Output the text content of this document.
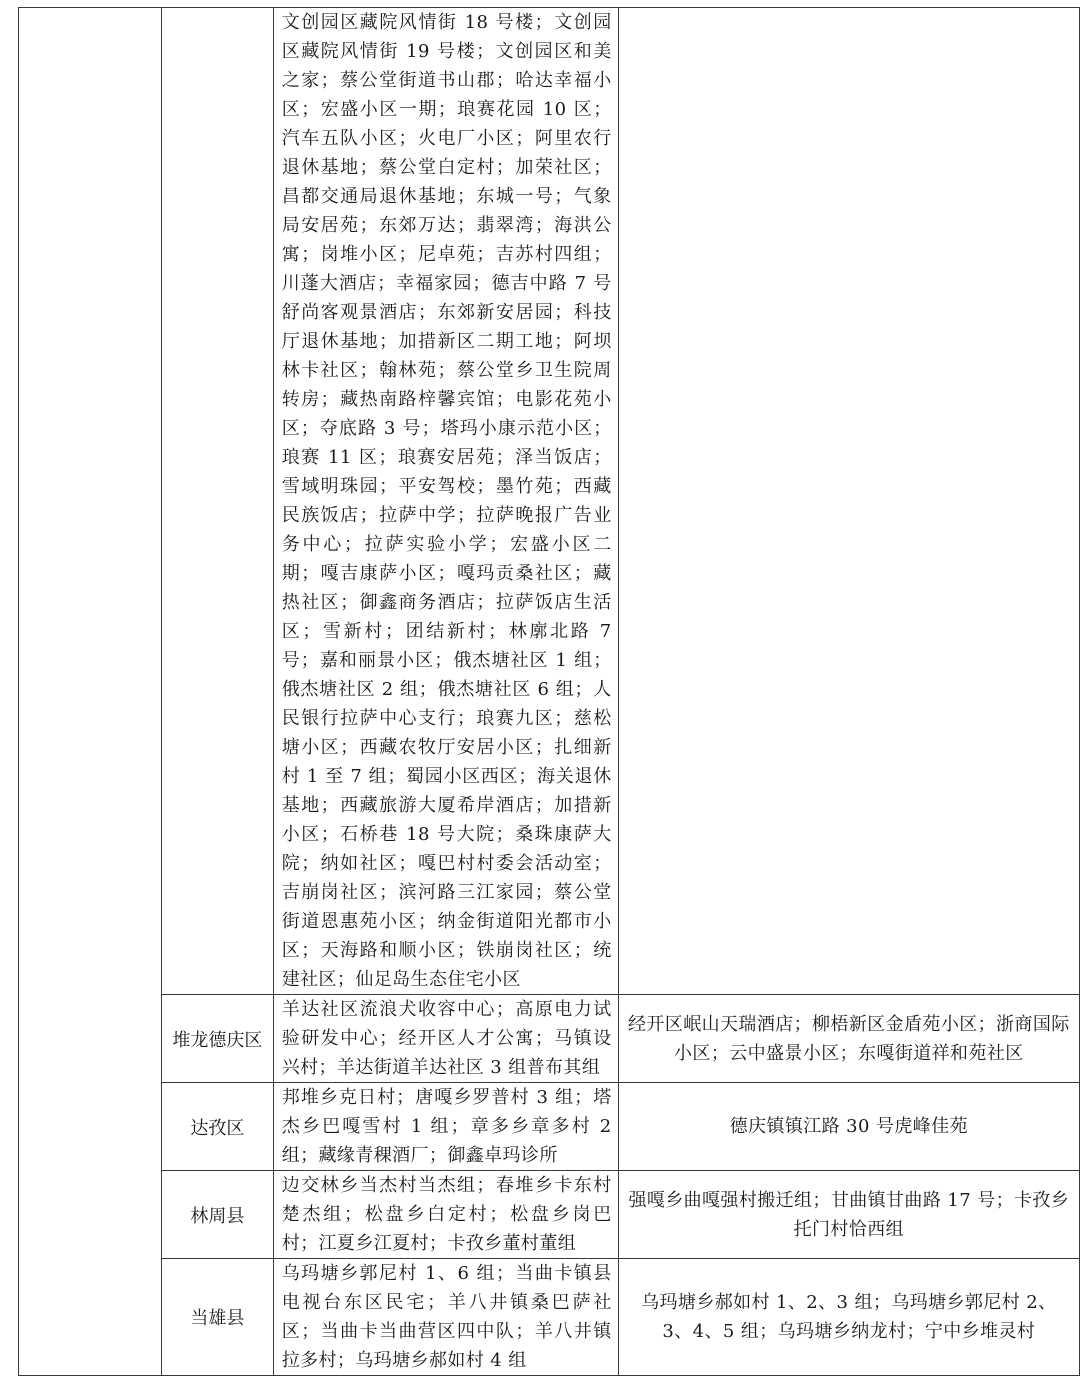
		文创园区藏院风情街 18 号楼；文创园区藏院风情街 19 号楼；文创园区和美之家；蔡公堂街道书山郡；哈达幸福小区；宏盛小区一期；琅赛花园 10 区；汽车五队小区；火电厂小区；阿里农行退休基地；蔡公堂白定村；加荣社区；昌都交通局退休基地；东城一号；气象局安居苑；东郊万达；翡翠湾；海洪公寓；岗堆小区；尼卓苑；吉苏村四组；川蓬大酒店；幸福家园；德吉中路 7 号舒尚客观景酒店；东郊新安居园；科技厅退休基地；加措新区二期工地；阿坝林卡社区；翰林苑；蔡公堂乡卫生院周转房；藏热南路梓馨宾馆；电影花苑小区；夺底路 3 号；塔玛小康示范小区；琅赛 11 区；琅赛安居苑；泽当饭店；雪域明珠园；平安驾校；墨竹苑；西藏民族饭店；拉萨中学；拉萨晚报广告业务中心；拉萨实验小学；宏盛小区二期；嘎吉康萨小区；嘎玛贡桑社区；藏热社区；御鑫商务酒店；拉萨饭店生活区；雪新村；团结新村；林廓北路 7 号；嘉和丽景小区；俄杰塘社区 1 组；俄杰塘社区 2 组；俄杰塘社区 6 组；人民银行拉萨中心支行；琅赛九区；慈松塘小区；西藏农牧厅安居小区；扎细新村 1 至 7 组；蜀园小区西区；海关退休基地；西藏旅游大厦希岸酒店；加措新小区；石桥巷 18 号大院；桑珠康萨大院；纳如社区；嘎巴村村委会活动室；吉崩岗社区；滨河路三江家园；蔡公堂街道恩惠苑小区；纳金街道阳光都市小区；天海路和顺小区；铁崩岗社区；统建社区；仙足岛生态住宅小区	
	堆龙德庆区	羊达社区流浪犬收容中心；高原电力试验研发中心；经开区人才公寓；马镇设兴村；羊达街道羊达社区 3 组普布其组	经开区岷山天瑞酒店；柳梧新区金盾苑小区；浙商国际小区；云中盛景小区；东嘎街道祥和苑社区
	达孜区	邦堆乡克日村；唐嘎乡罗普村 3 组；塔杰乡巴嘎雪村 1 组；章多乡章多村 2 组；藏缘青稞酒厂；御鑫卓玛诊所	德庆镇镇江路 30 号虎峰佳苑
	林周县	边交林乡当杰村当杰组；春堆乡卡东村楚杰组；松盘乡白定村；松盘乡岗巴村；江夏乡江夏村；卡孜乡董村董组	强嘎乡曲嘎强村搬迁组；甘曲镇甘曲路 17 号；卡孜乡托门村恰西组
	当雄县	乌玛塘乡郭尼村 1、6 组；当曲卡镇县电视台东区民宅；羊八井镇桑巴萨社区；当曲卡当曲营区四中队；羊八井镇拉多村；乌玛塘乡郝如村 4 组	乌玛塘乡郝如村 1、2、3 组；乌玛塘乡郭尼村 2、3、4、5 组；乌玛塘乡纳龙村；宁中乡堆灵村
